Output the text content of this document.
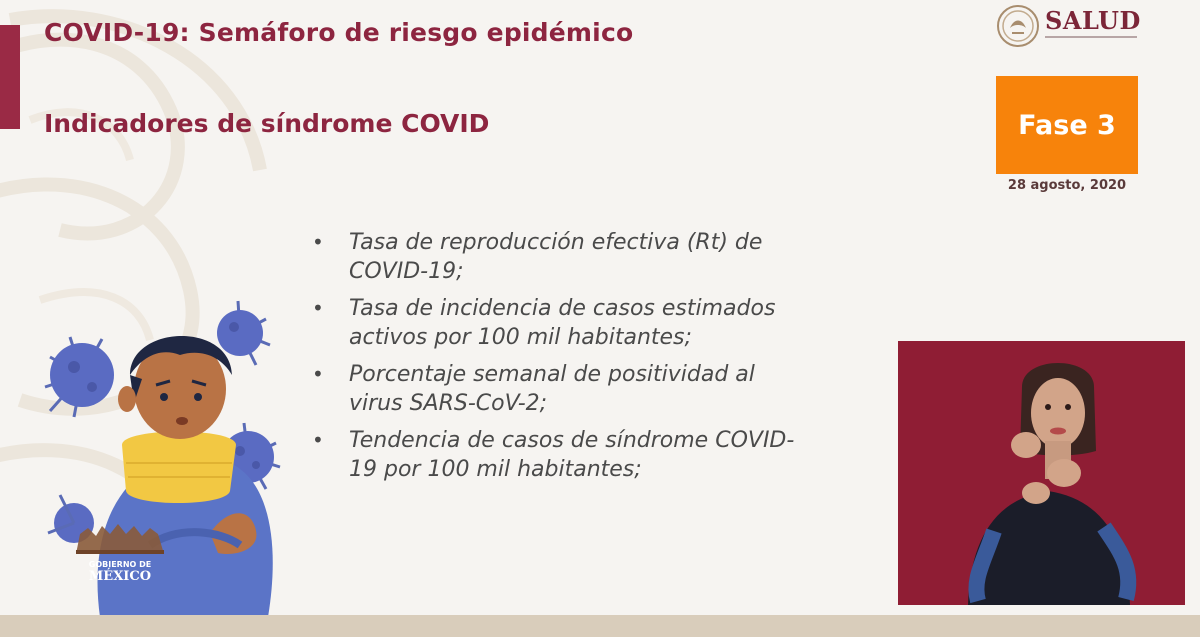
COVID-19: Semáforo de riesgo epidémico
Indicadores de síndrome COVID
SALUD
Fase 3
28 agosto, 2020
• Tasa de reproducción efectiva (Rt) de COVID-19;
• Tasa de incidencia de casos estimados activos por 100 mil habitantes;
• Porcentaje semanal de positividad al virus SARS-CoV-2;
• Tendencia de casos de síndrome COVID-19 por 100 mil habitantes;
GOBIERNO DE
MÉXICO
